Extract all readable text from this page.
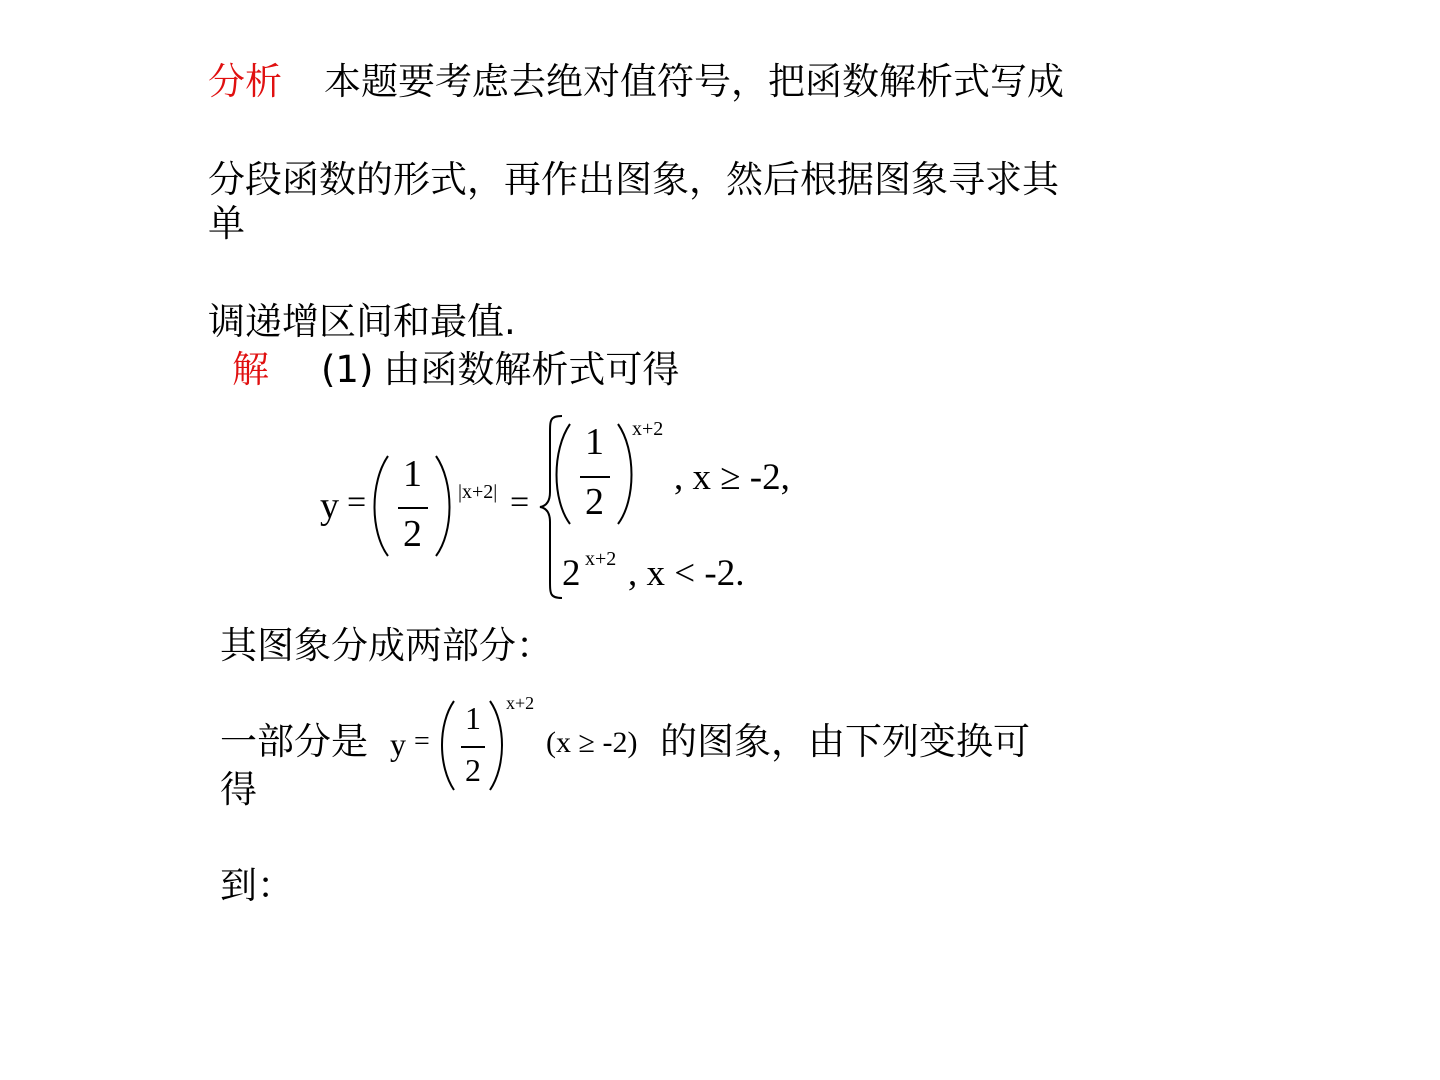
分析 本题要考虑去绝对值符号，把函数解析式写成
分段函数的形式，再作出图象，然后根据图象寻求其
单
调递增区间和最值.
解 (1) 由函数解析式可得
y =
1
2
|x+2| =
1
2
x+2
, x ≥ -2,
2 x+2 , x < -2.
其图象分成两部分：
一部分是 y =
1
2
x+2
(x ≥ -2) 的图象，由下列变换可
得
到：
